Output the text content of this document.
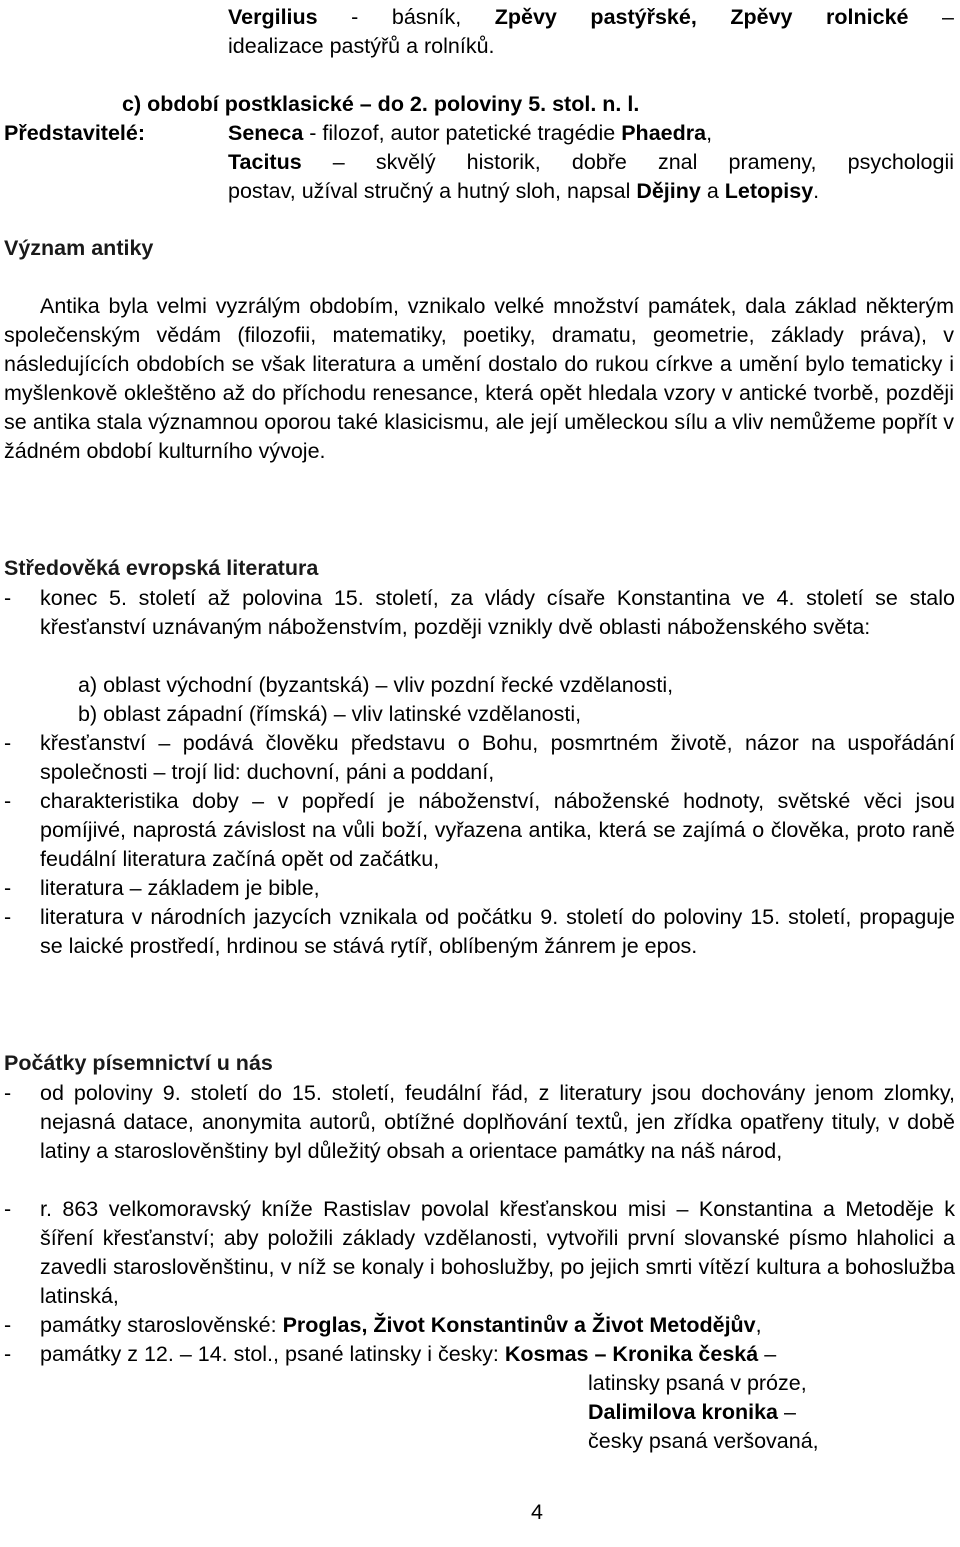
Vergilius - básník, Zpěvy pastýřské, Zpěvy rolnické –
idealizace pastýřů a rolníků.
c) období postklasické – do 2. poloviny 5. stol. n. l.
Představitelé:	Seneca - filozof, autor patetické tragédie Phaedra,
Tacitus – skvělý historik, dobře znal prameny, psychologii
postav, užíval stručný a hutný sloh, napsal Dějiny a Letopisy.
Význam antiky
Antika byla velmi vyzrálým obdobím, vznikalo velké množství památek, dala základ některým společenským vědám (filozofii, matematiky, poetiky, dramatu, geometrie, základy práva), v následujících obdobích se však literatura a umění dostalo do rukou církve a umění bylo tematicky i myšlenkově okleštěno až do příchodu renesance, která opět hledala vzory v antické tvorbě, později se antika stala významnou oporou také klasicismu, ale její uměleckou sílu a vliv nemůžeme popřít v žádném období kulturního vývoje.
Středověká evropská literatura
- konec 5. století až polovina 15. století, za vlády císaře Konstantina ve 4. století se stalo křesťanství uznávaným náboženstvím, později vznikly dvě oblasti náboženského světa:
a) oblast východní (byzantská) – vliv pozdní řecké vzdělanosti,
b) oblast západní (římská) – vliv latinské vzdělanosti,
- křesťanství – podává člověku představu o Bohu, posmrtném životě, názor na uspořádání společnosti – trojí lid: duchovní, páni a poddaní,
- charakteristika doby – v popředí je náboženství, náboženské hodnoty, světské věci jsou pomíjivé, naprostá závislost na vůli boží, vyřazena antika, která se zajímá o člověka, proto raně feudální literatura začíná opět od začátku,
- literatura – základem je bible,
- literatura v národních jazycích vznikala od počátku 9. století do poloviny 15. století, propaguje se laické prostředí, hrdinou se stává rytíř, oblíbeným žánrem je epos.
Počátky písemnictví u nás
- od poloviny 9. století do 15. století, feudální řád, z literatury jsou dochovány jenom zlomky, nejasná datace, anonymita autorů, obtížné doplňování textů, jen zřídka opatřeny tituly, v době latiny a staroslověnštiny byl důležitý obsah a orientace památky na náš národ,
- r. 863 velkomoravský kníže Rastislav povolal křesťanskou misi – Konstantina a Metoděje k šíření křesťanství; aby položili základy vzdělanosti, vytvořili první slovanské písmo hlaholici a zavedli staroslověnštinu, v níž se konaly i bohoslužby, po jejich smrti vítězí kultura a bohoslužba latinská,
- památky staroslověnské: Proglas, Život Konstantinův a Život Metodějův,
- památky z 12. – 14. stol., psané latinsky i česky: Kosmas – Kronika česká –
latinsky psaná v próze,
Dalimilova kronika –
česky psaná veršovaná,
4
